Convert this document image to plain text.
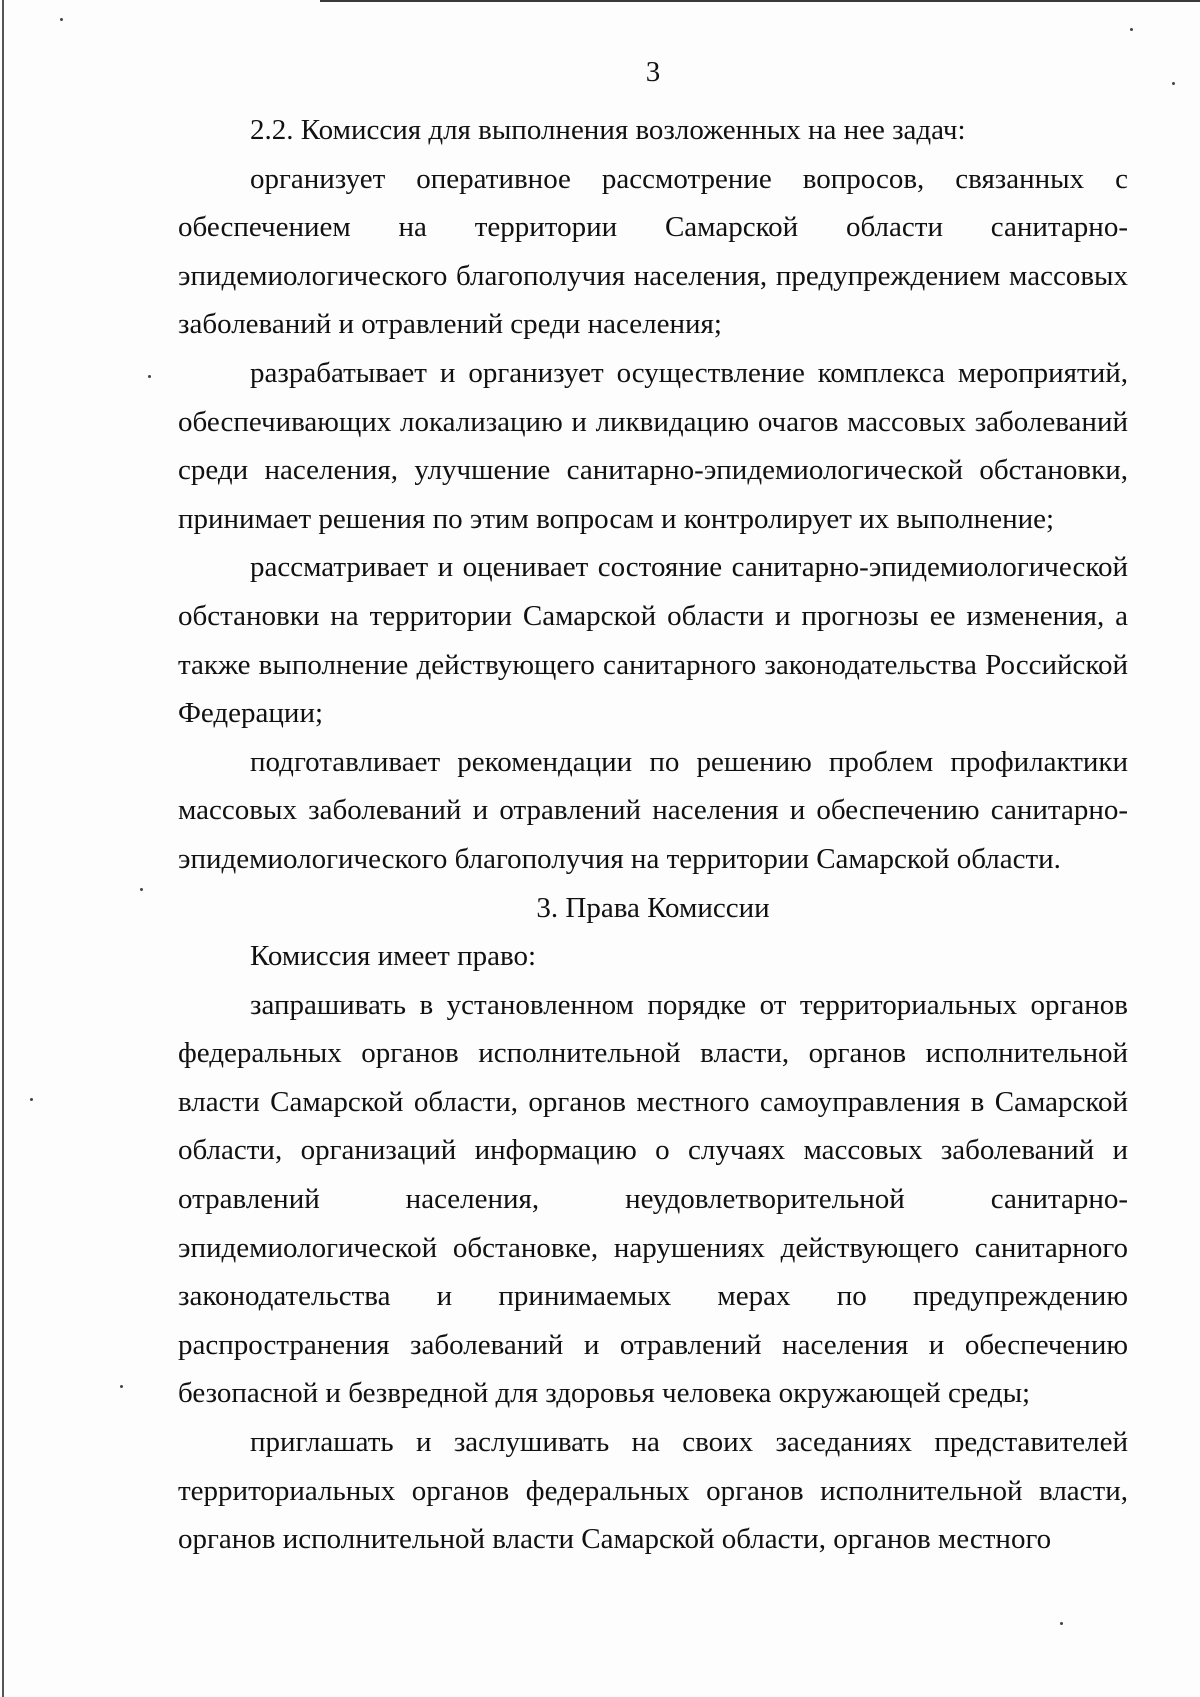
3

2.2. Комиссия для выполнения возложенных на нее задач:

организует оперативное рассмотрение вопросов, связанных с обеспечением на территории Самарской области санитарно-эпидемиологического благополучия населения, предупреждением массовых заболеваний и отравлений среди населения;

разрабатывает и организует осуществление комплекса мероприятий, обеспечивающих локализацию и ликвидацию очагов массовых заболеваний среди населения, улучшение санитарно-эпидемиологической обстановки, принимает решения по этим вопросам и контролирует их выполнение;

рассматривает и оценивает состояние санитарно-эпидемиологической обстановки на территории Самарской области и прогнозы ее изменения, а также выполнение действующего санитарного законодательства Российской Федерации;

подготавливает рекомендации по решению проблем профилактики массовых заболеваний и отравлений населения и обеспечению санитарно-эпидемиологического благополучия на территории Самарской области.

3. Права Комиссии

Комиссия имеет право:

запрашивать в установленном порядке от территориальных органов федеральных органов исполнительной власти, органов исполнительной власти Самарской области, органов местного самоуправления в Самарской области, организаций информацию о случаях массовых заболеваний и отравлений населения, неудовлетворительной санитарно-эпидемиологической обстановке, нарушениях действующего санитарного законодательства и принимаемых мерах по предупреждению распространения заболеваний и отравлений населения и обеспечению безопасной и безвредной для здоровья человека окружающей среды;

приглашать и заслушивать на своих заседаниях представителей территориальных органов федеральных органов исполнительной власти, органов исполнительной власти Самарской области, органов местного
